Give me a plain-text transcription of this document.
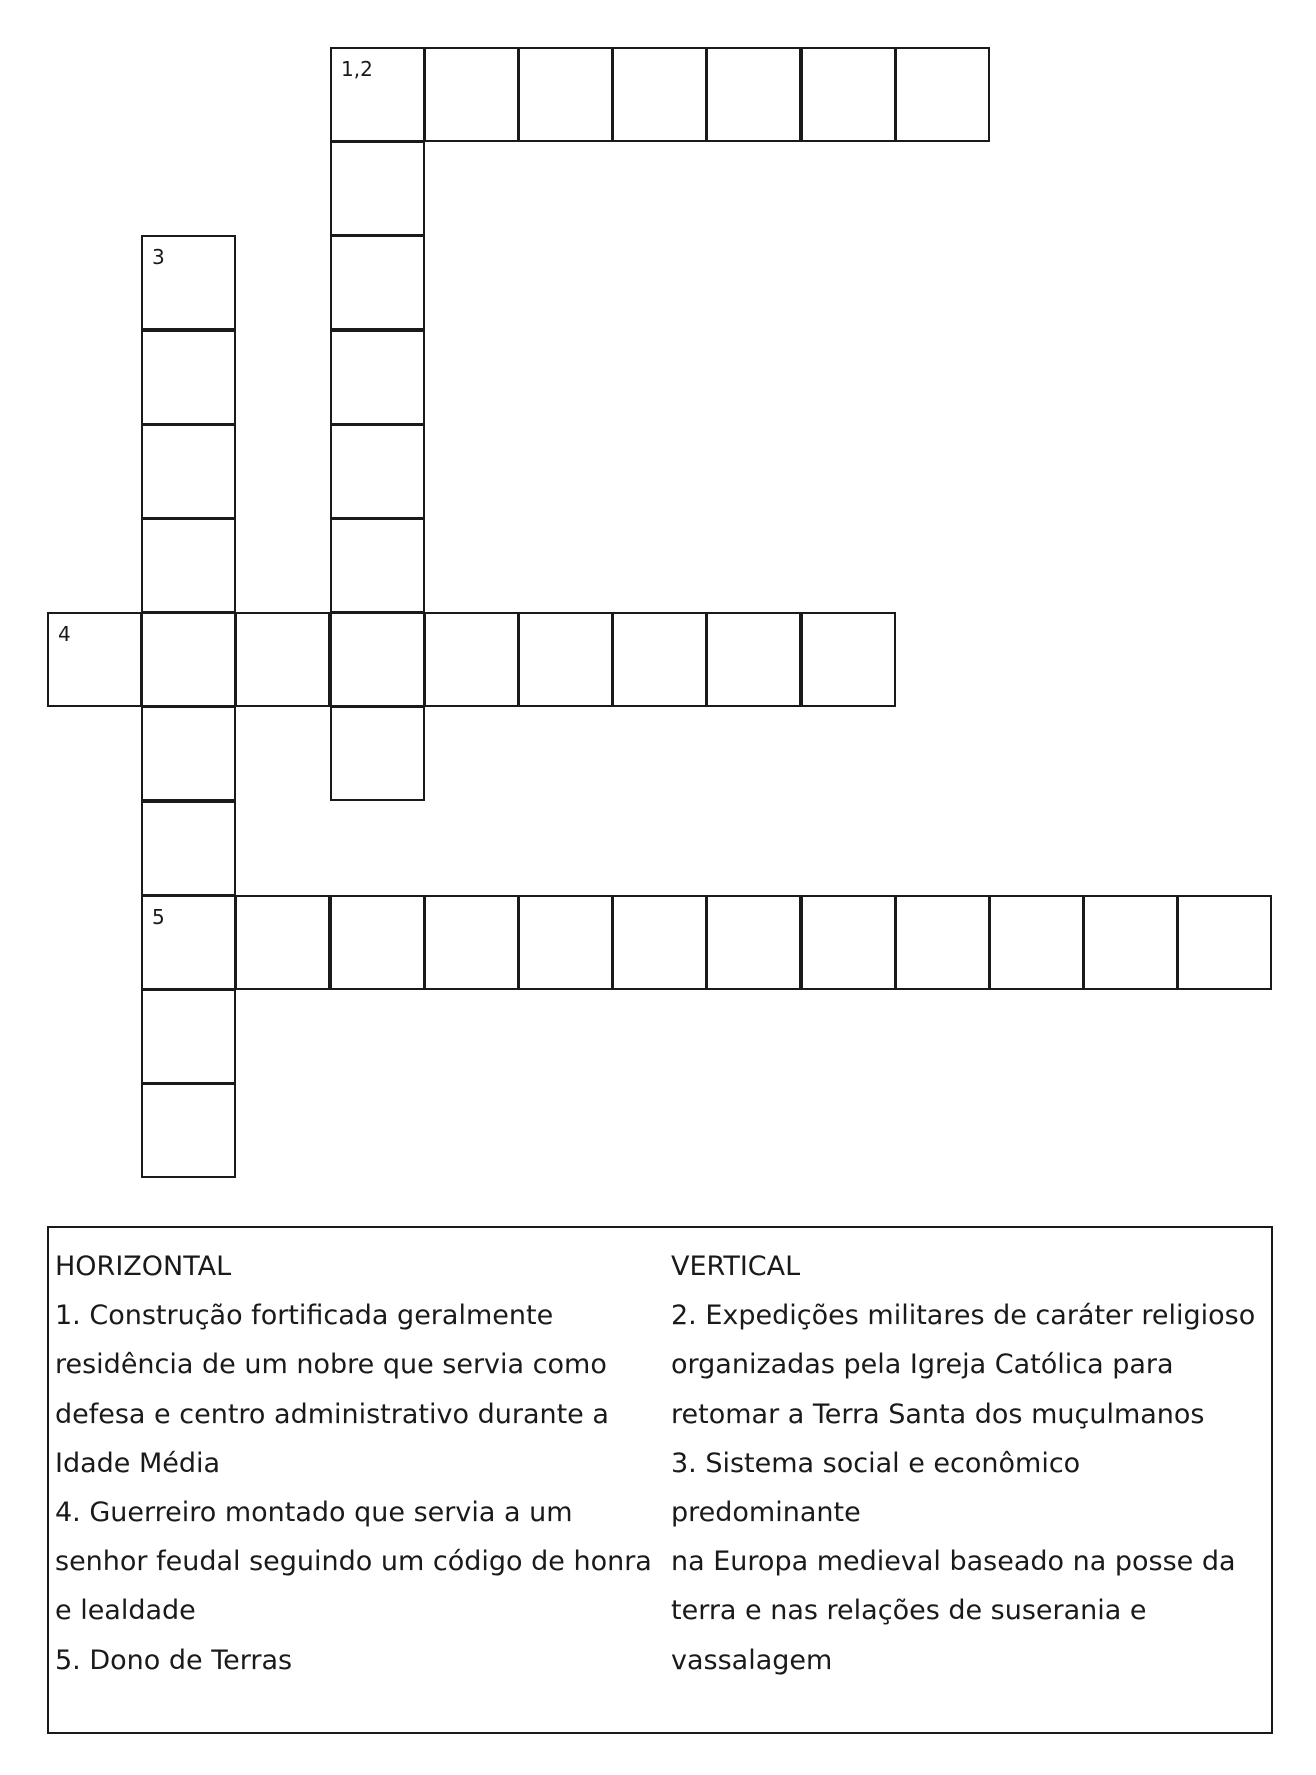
1,2
3
4
5
HORIZONTAL
1. Construção fortificada geralmente
residência de um nobre que servia como
defesa e centro administrativo durante a
Idade Média
4. Guerreiro montado que servia a um
senhor feudal seguindo um código de honra
e lealdade
5. Dono de Terras
VERTICAL
2. Expedições militares de caráter religioso
organizadas pela Igreja Católica para
retomar a Terra Santa dos muçulmanos
3. Sistema social e econômico predominante
na Europa medieval baseado na posse da
terra e nas relações de suserania e
vassalagem
